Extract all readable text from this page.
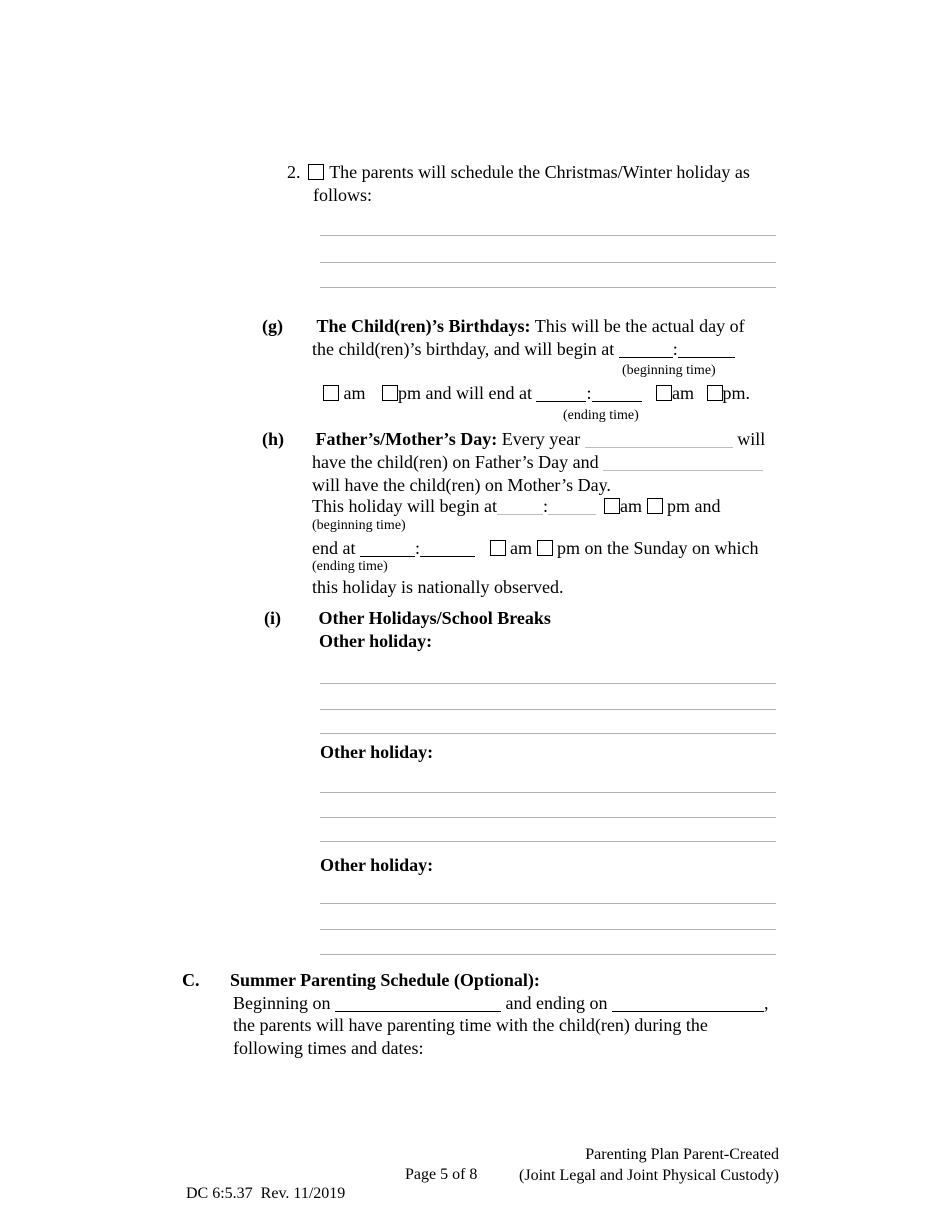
2. The parents will schedule the Christmas/Winter holiday as
follows:
(g) The Child(ren)’s Birthdays: This will be the actual day of
the child(ren)’s birthday, and will begin at	:
(beginning time)
am pm and will end at	:	am pm.
(ending time)
(h) Father’s/Mother’s Day: Every year	will
have the child(ren) on Father’s Day and
will have the child(ren) on Mother’s Day.
This holiday will begin at	:	am pm and
(beginning time)
end at	:	am pm on the Sunday on which
(ending time)
this holiday is nationally observed.
(i) Other Holidays/School Breaks
Other holiday:
Other holiday:
Other holiday:
C. Summer Parenting Schedule (Optional):
Beginning on	and ending on	,
the parents will have parenting time with the child(ren) during the
following times and dates:

DC 6:5.37  Rev. 11/2019

Page 5 of 8
Parenting Plan Parent-Created
(Joint Legal and Joint Physical Custody)
